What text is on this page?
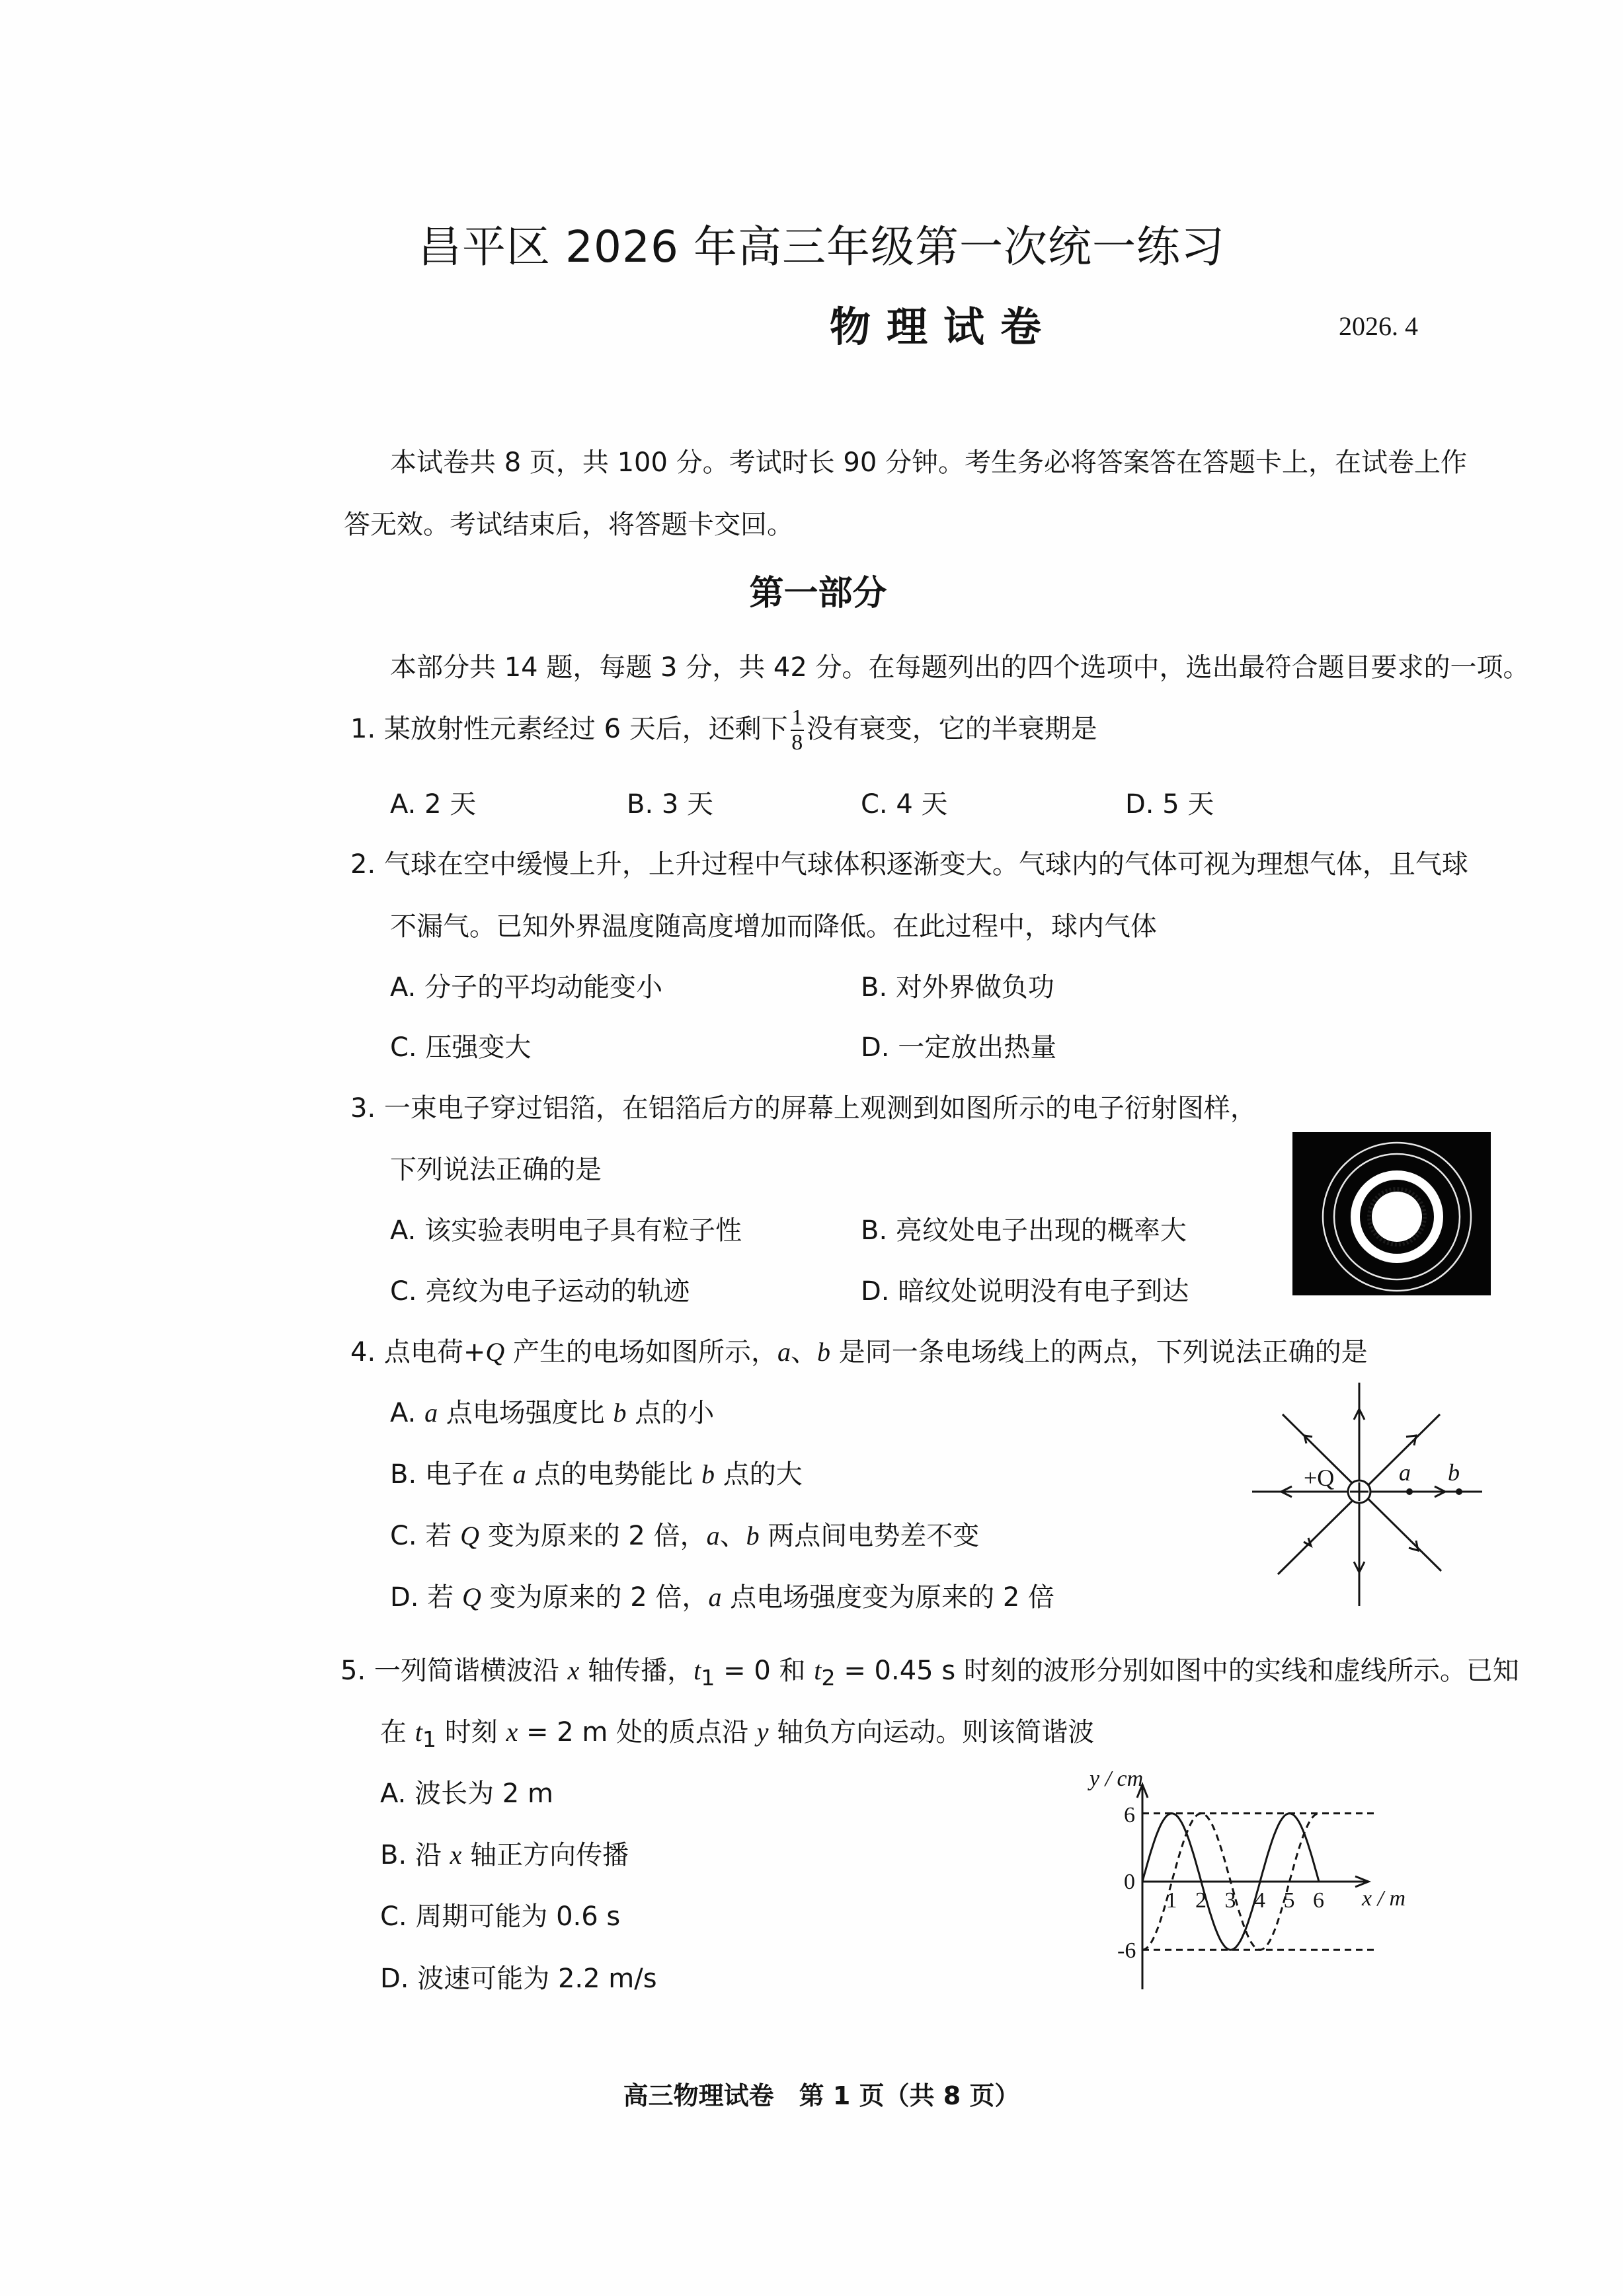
昌平区 2026 年高三年级第一次统一练习
物理试卷	2026. 4
本试卷共 8 页，共 100 分。考试时长 90 分钟。考生务必将答案答在答题卡上，在试卷上作
答无效。考试结束后，将答题卡交回。
第一部分
本部分共 14 题，每题 3 分，共 42 分。在每题列出的四个选项中，选出最符合题目要求的一项。
1. 某放射性元素经过 6 天后，还剩下 $\frac{1}{8}$ 没有衰变，它的半衰期是
A. 2 天	B. 3 天	C. 4 天	D. 5 天
2. 气球在空中缓慢上升，上升过程中气球体积逐渐变大。气球内的气体可视为理想气体，且气球
不漏气。已知外界温度随高度增加而降低。在此过程中，球内气体
A. 分子的平均动能变小	B. 对外界做负功
C. 压强变大	D. 一定放出热量
3. 一束电子穿过铝箔，在铝箔后方的屏幕上观测到如图所示的电子衍射图样，
下列说法正确的是
A. 该实验表明电子具有粒子性	B. 亮纹处电子出现的概率大
C. 亮纹为电子运动的轨迹	D. 暗纹处说明没有电子到达
4. 点电荷+Q 产生的电场如图所示，a、b 是同一条电场线上的两点，下列说法正确的是
A. a 点电场强度比 b 点的小
B. 电子在 a 点的电势能比 b 点的大
C. 若 Q 变为原来的 2 倍，a、b 两点间电势差不变
D. 若 Q 变为原来的 2 倍，a 点电场强度变为原来的 2 倍
+Q	a b
5. 一列简谐横波沿 x 轴传播，$t_1 = 0$ 和 $t_2 = 0.45$ s 时刻的波形分别如图中的实线和虚线所示。已知
在 $t_1$ 时刻 x = 2 m 处的质点沿 y 轴负方向运动。则该简谐波
A. 波长为 2 m
B. 沿 x 轴正方向传播
C. 周期可能为 0.6 s
D. 波速可能为 2.2 m/s
y / cm
x / m
6
0
-6
1 2 3 4 5 6
高三物理试卷　第 1 页（共 8 页）
